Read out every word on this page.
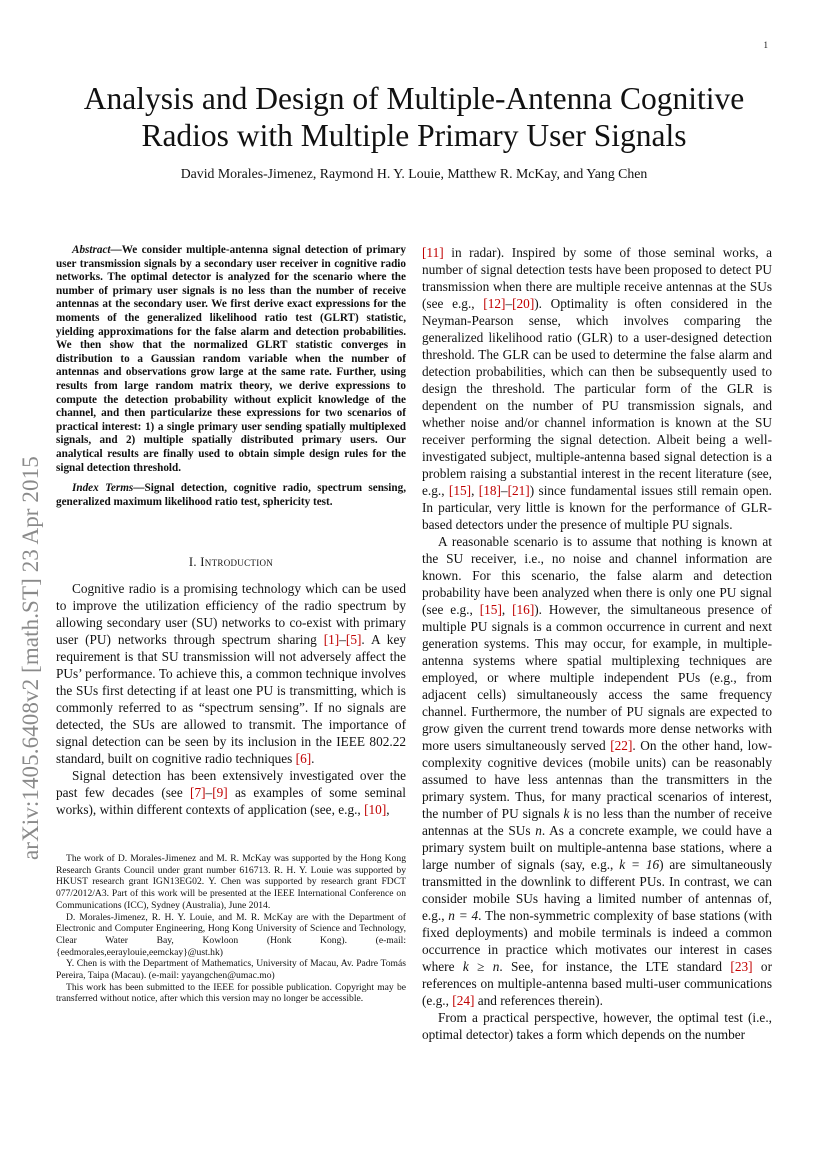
1
arXiv:1405.6408v2 [math.ST] 23 Apr 2015
Analysis and Design of Multiple-Antenna Cognitive Radios with Multiple Primary User Signals
David Morales-Jimenez, Raymond H. Y. Louie, Matthew R. McKay, and Yang Chen

Abstract—We consider multiple-antenna signal detection of primary user transmission signals by a secondary user receiver in cognitive radio networks. The optimal detector is analyzed for the scenario where the number of primary user signals is no less than the number of receive antennas at the secondary user. We first derive exact expressions for the moments of the generalized likelihood ratio test (GLRT) statistic, yielding approximations for the false alarm and detection probabilities. We then show that the normalized GLRT statistic converges in distribution to a Gaussian random variable when the number of antennas and observations grow large at the same rate. Further, using results from large random matrix theory, we derive expressions to compute the detection probability without explicit knowledge of the channel, and then particularize these expressions for two scenarios of practical interest: 1) a single primary user sending spatially multiplexed signals, and 2) multiple spatially distributed primary users. Our analytical results are finally used to obtain simple design rules for the signal detection threshold.

Index Terms—Signal detection, cognitive radio, spectrum sensing, generalized maximum likelihood ratio test, sphericity test.

I. Introduction

Cognitive radio is a promising technology which can be used to improve the utilization efficiency of the radio spectrum by allowing secondary user (SU) networks to co-exist with primary user (PU) networks through spectrum sharing [1]–[5]. A key requirement is that SU transmission will not adversely affect the PUs’ performance. To achieve this, a common technique involves the SUs first detecting if at least one PU is transmitting, which is commonly referred to as “spectrum sensing”. If no signals are detected, the SUs are allowed to transmit. The importance of signal detection can be seen by its inclusion in the IEEE 802.22 standard, built on cognitive radio techniques [6].

Signal detection has been extensively investigated over the past few decades (see [7]–[9] as examples of some seminal works), within different contexts of application (see, e.g., [10],

The work of D. Morales-Jimenez and M. R. McKay was supported by the Hong Kong Research Grants Council under grant number 616713. R. H. Y. Louie was supported by HKUST research grant IGN13EG02. Y. Chen was supported by research grant FDCT 077/2012/A3. Part of this work will be presented at the IEEE International Conference on Communications (ICC), Sydney (Australia), June 2014.

D. Morales-Jimenez, R. H. Y. Louie, and M. R. McKay are with the Department of Electronic and Computer Engineering, Hong Kong University of Science and Technology, Clear Water Bay, Kowloon (Honk Kong). (e-mail:{eedmorales,eeraylouie,eemckay}@ust.hk)

Y. Chen is with the Department of Mathematics, University of Macau, Av. Padre Tomás Pereira, Taipa (Macau). (e-mail: yayangchen@umac.mo)

This work has been submitted to the IEEE for possible publication. Copyright may be transferred without notice, after which this version may no longer be accessible.

[11] in radar). Inspired by some of those seminal works, a number of signal detection tests have been proposed to detect PU transmission when there are multiple receive antennas at the SUs (see e.g., [12]–[20]). Optimality is often considered in the Neyman-Pearson sense, which involves comparing the generalized likelihood ratio (GLR) to a user-designed detection threshold. The GLR can be used to determine the false alarm and detection probabilities, which can then be subsequently used to design the threshold. The particular form of the GLR is dependent on the number of PU transmission signals, and whether noise and/or channel information is known at the SU receiver performing the signal detection. Albeit being a well-investigated subject, multiple-antenna based signal detection is a problem raising a substantial interest in the recent literature (see, e.g., [15], [18]–[21]) since fundamental issues still remain open. In particular, very little is known for the performance of GLR-based detectors under the presence of multiple PU signals.

A reasonable scenario is to assume that nothing is known at the SU receiver, i.e., no noise and channel information are known. For this scenario, the false alarm and detection probability have been analyzed when there is only one PU signal (see e.g., [15], [16]). However, the simultaneous presence of multiple PU signals is a common occurrence in current and next generation systems. This may occur, for example, in multiple-antenna systems where spatial multiplexing techniques are employed, or where multiple independent PUs (e.g., from adjacent cells) simultaneously access the same frequency channel. Furthermore, the number of PU signals are expected to grow given the current trend towards more dense networks with more users simultaneously served [22]. On the other hand, low-complexity cognitive devices (mobile units) can be reasonably assumed to have less antennas than the transmitters in the primary system. Thus, for many practical scenarios of interest, the number of PU signals k is no less than the number of receive antennas at the SUs n. As a concrete example, we could have a primary system built on multiple-antenna base stations, where a large number of signals (say, e.g., k = 16) are simultaneously transmitted in the downlink to different PUs. In contrast, we can consider mobile SUs having a limited number of antennas of, e.g., n = 4. The non-symmetric complexity of base stations (with fixed deployments) and mobile terminals is indeed a common occurrence in practice which motivates our interest in cases where k ≥ n. See, for instance, the LTE standard [23] or references on multiple-antenna based multi-user communications (e.g., [24] and references therein).

From a practical perspective, however, the optimal test (i.e., optimal detector) takes a form which depends on the number
